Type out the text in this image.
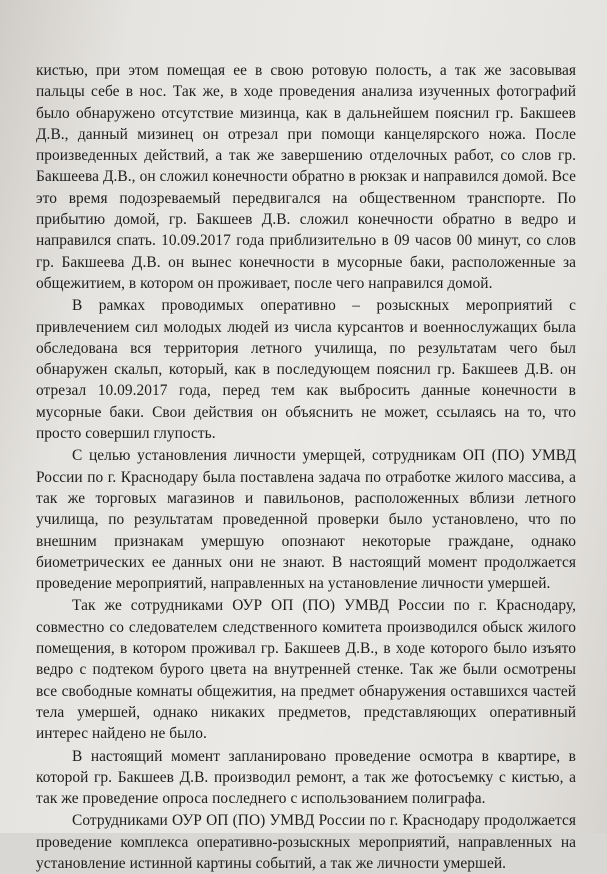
кистью, при этом помещая ее в свою ротовую полость, а так же засовывая пальцы себе в нос. Так же, в ходе проведения анализа изученных фотографий было обнаружено отсутствие мизинца, как в дальнейшем пояснил гр. Бакшеев Д.В., данный мизинец он отрезал при помощи канцелярского ножа. После произведенных действий, а так же завершению отделочных работ, со слов гр. Бакшеева Д.В., он сложил конечности обратно в рюкзак и направился домой. Все это время подозреваемый передвигался на общественном транспорте. По прибытию домой, гр. Бакшеев Д.В. сложил конечности обратно в ведро и направился спать. 10.09.2017 года приблизительно в 09 часов 00 минут, со слов гр. Бакшеева Д.В. он вынес конечности в мусорные баки, расположенные за общежитием, в котором он проживает, после чего направился домой.

В рамках проводимых оперативно – розыскных мероприятий с привлечением сил молодых людей из числа курсантов и военнослужащих была обследована вся территория летного училища, по результатам чего был обнаружен скальп, который, как в последующем пояснил гр. Бакшеев Д.В. он отрезал 10.09.2017 года, перед тем как выбросить данные конечности в мусорные баки. Свои действия он объяснить не может, ссылаясь на то, что просто совершил глупость.

С целью установления личности умерщей, сотрудникам ОП (ПО) УМВД России по г. Краснодару была поставлена задача по отработке жилого массива, а так же торговых магазинов и павильонов, расположенных вблизи летного училища, по результатам проведенной проверки было установлено, что по внешним признакам умершую опознают некоторые граждане, однако биометрических ее данных они не знают. В настоящий момент продолжается проведение мероприятий, направленных на установление личности умершей.

Так же сотрудниками ОУР ОП (ПО) УМВД России по г. Краснодару, совместно со следователем следственного комитета производился обыск жилого помещения, в котором проживал гр. Бакшеев Д.В., в ходе которого было изъято ведро с подтеком бурого цвета на внутренней стенке. Так же были осмотрены все свободные комнаты общежития, на предмет обнаружения оставшихся частей тела умершей, однако никаких предметов, представляющих оперативный интерес найдено не было.

В настоящий момент запланировано проведение осмотра в квартире, в которой гр. Бакшеев Д.В. производил ремонт, а так же фотосъемку с кистью, а так же проведение опроса последнего с использованием полиграфа.

Сотрудниками ОУР ОП (ПО) УМВД России по г. Краснодару продолжается проведение комплекса оперативно-розыскных мероприятий, направленных на установление истинной картины событий, а так же личности умершей.
